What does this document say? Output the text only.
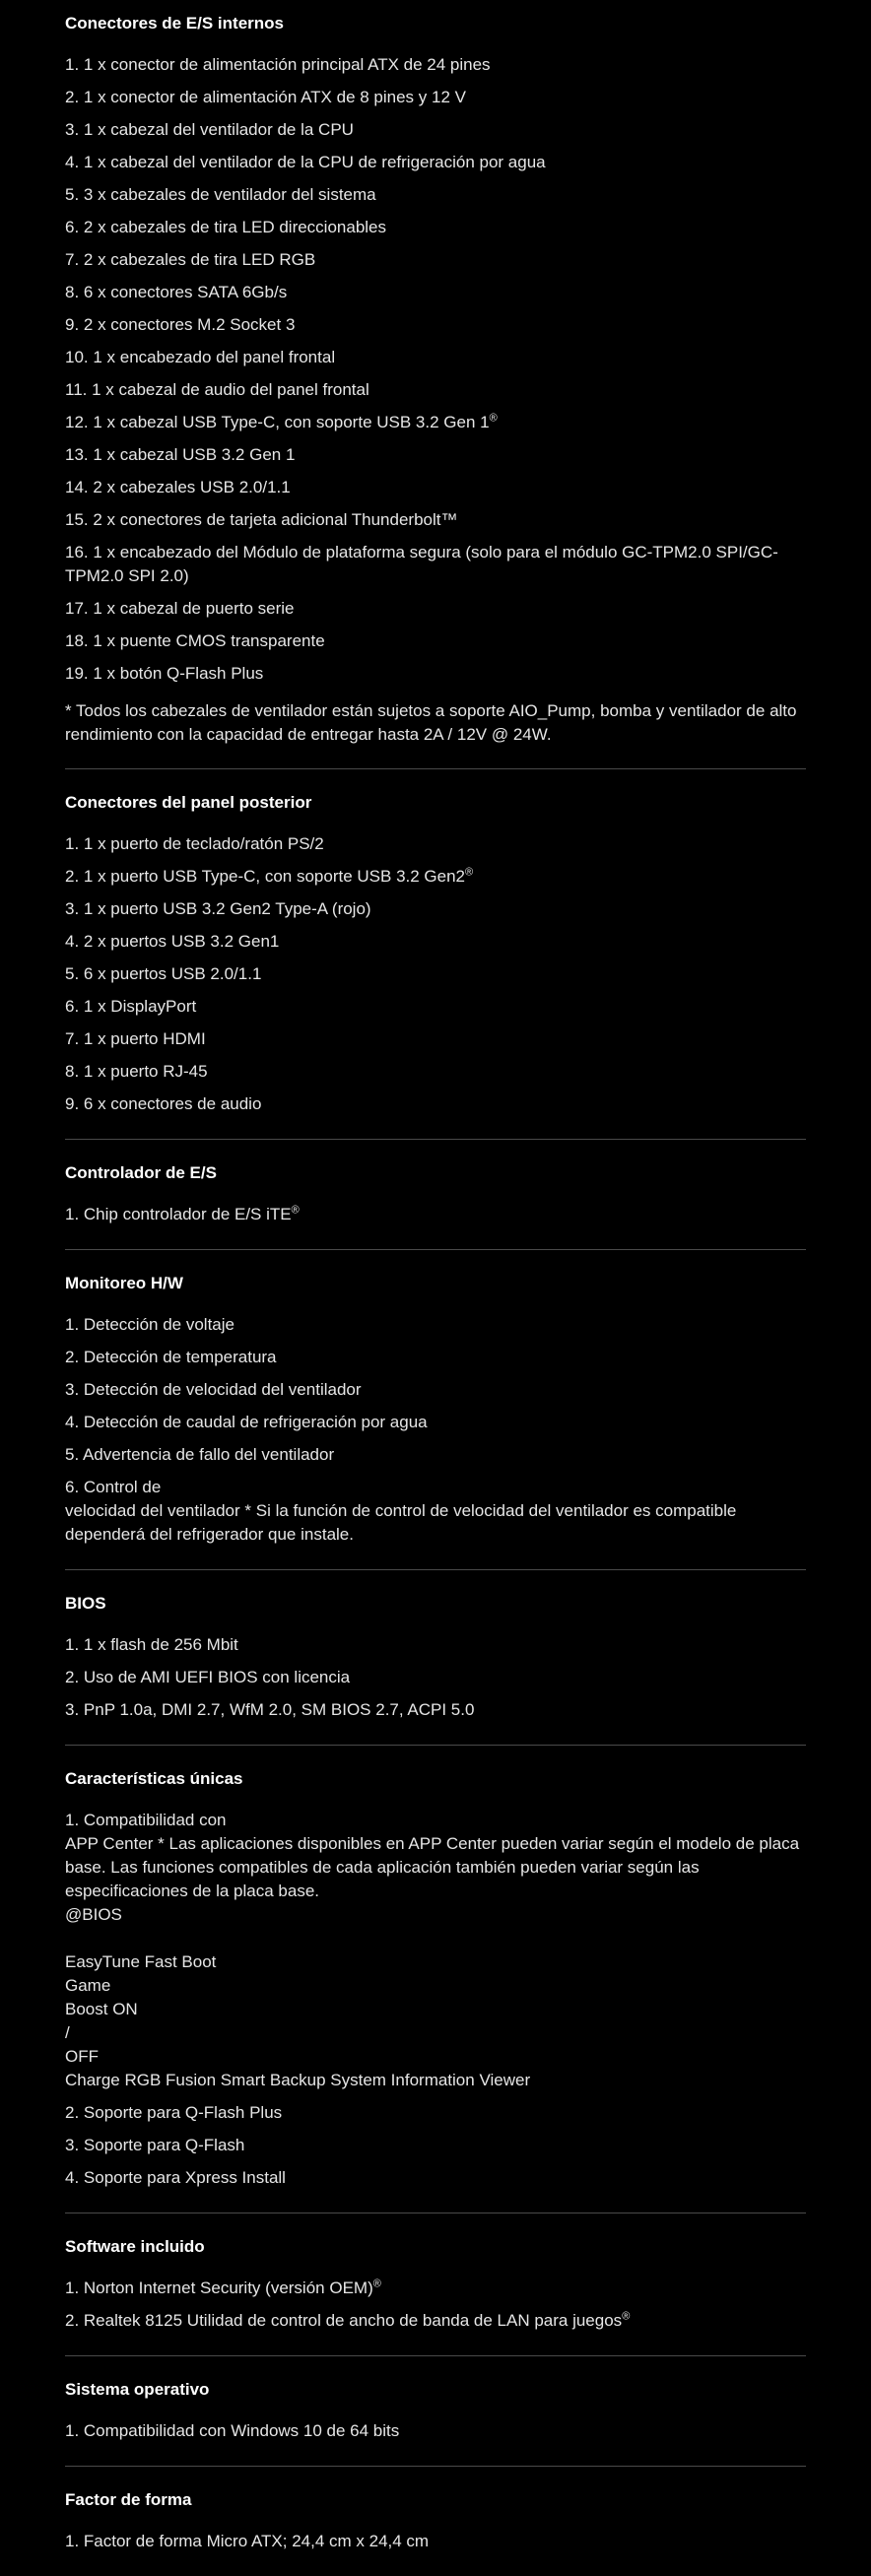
Conectores de E/S internos
1. 1 x conector de alimentación principal ATX de 24 pines
2. 1 x conector de alimentación ATX de 8 pines y 12 V
3. 1 x cabezal del ventilador de la CPU
4. 1 x cabezal del ventilador de la CPU de refrigeración por agua
5. 3 x cabezales de ventilador del sistema
6. 2 x cabezales de tira LED direccionables
7. 2 x cabezales de tira LED RGB
8. 6 x conectores SATA 6Gb/s
9. 2 x conectores M.2 Socket 3
10. 1 x encabezado del panel frontal
11. 1 x cabezal de audio del panel frontal
12. 1 x cabezal USB Type-C, con soporte USB 3.2 Gen 1®
13. 1 x cabezal USB 3.2 Gen 1
14. 2 x cabezales USB 2.0/1.1
15. 2 x conectores de tarjeta adicional Thunderbolt™
16. 1 x encabezado del Módulo de plataforma segura (solo para el módulo GC-TPM2.0 SPI/GC-TPM2.0 SPI 2.0)
17. 1 x cabezal de puerto serie
18. 1 x puente CMOS transparente
19. 1 x botón Q-Flash Plus
* Todos los cabezales de ventilador están sujetos a soporte AIO_Pump, bomba y ventilador de alto rendimiento con la capacidad de entregar hasta 2A / 12V @ 24W.
Conectores del panel posterior
1. 1 x puerto de teclado/ratón PS/2
2. 1 x puerto USB Type-C, con soporte USB 3.2 Gen2®
3. 1 x puerto USB 3.2 Gen2 Type-A (rojo)
4. 2 x puertos USB 3.2 Gen1
5. 6 x puertos USB 2.0/1.1
6. 1 x DisplayPort
7. 1 x puerto HDMI
8. 1 x puerto RJ-45
9. 6 x conectores de audio
Controlador de E/S
1. Chip controlador de E/S iTE®
Monitoreo H/W
1. Detección de voltaje
2. Detección de temperatura
3. Detección de velocidad del ventilador
4. Detección de caudal de refrigeración por agua
5. Advertencia de fallo del ventilador
6. Control de
velocidad del ventilador * Si la función de control de velocidad del ventilador es compatible dependerá del refrigerador que instale.
BIOS
1. 1 x flash de 256 Mbit
2. Uso de AMI UEFI BIOS con licencia
3. PnP 1.0a, DMI 2.7, WfM 2.0, SM BIOS 2.7, ACPI 5.0
Características únicas
1. Compatibilidad con
APP Center * Las aplicaciones disponibles en APP Center pueden variar según el modelo de placa base. Las funciones compatibles de cada aplicación también pueden variar según las especificaciones de la placa base.
@BIOS
EasyTune Fast Boot
Game
Boost ON
/
OFF
Charge RGB Fusion Smart Backup System Information Viewer
2. Soporte para Q-Flash Plus
3. Soporte para Q-Flash
4. Soporte para Xpress Install
Software incluido
1. Norton Internet Security (versión OEM)®
2. Realtek 8125 Utilidad de control de ancho de banda de LAN para juegos®
Sistema operativo
1. Compatibilidad con Windows 10 de 64 bits
Factor de forma
1. Factor de forma Micro ATX; 24,4 cm x 24,4 cm
